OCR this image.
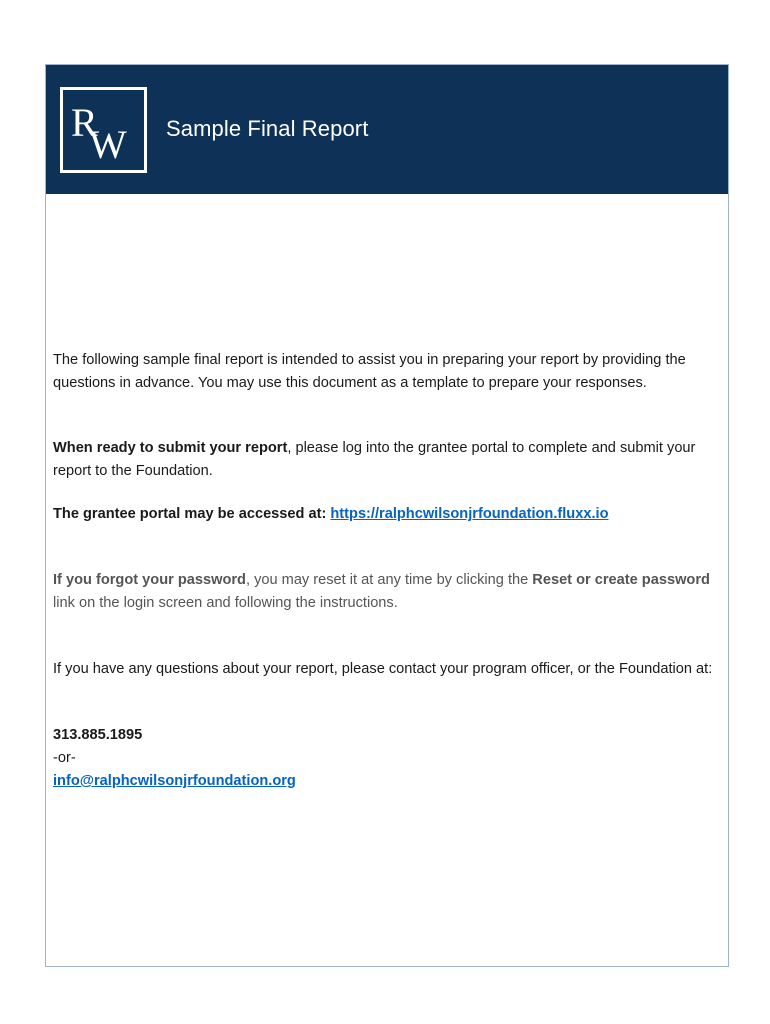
R
W Sample Final Report

The following sample final report is intended to assist you in preparing your report by providing the questions in advance. You may use this document as a template to prepare your responses.

When ready to submit your report, please log into the grantee portal to complete and submit your report to the Foundation.

The grantee portal may be accessed at: https://ralphcwilsonjrfoundation.fluxx.io

If you forgot your password, you may reset it at any time by clicking the Reset or create password link on the login screen and following the instructions.

If you have any questions about your report, please contact your program officer, or the Foundation at:

313.885.1895

-or-

info@ralphcwilsonjrfoundation.org
